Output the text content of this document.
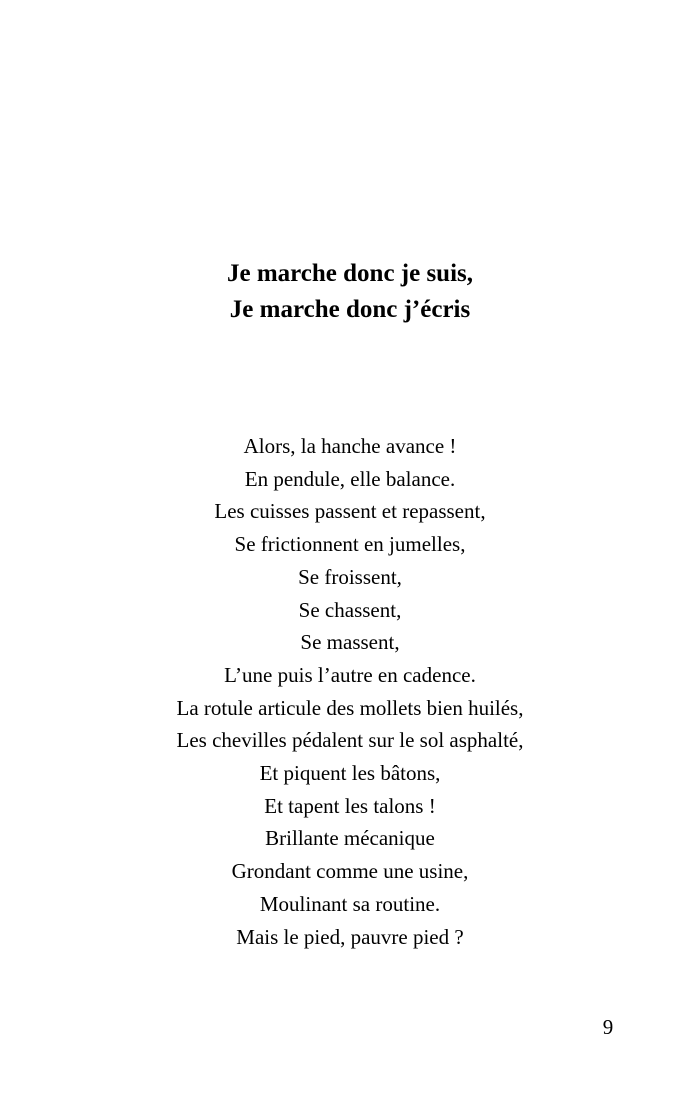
Je marche donc je suis,
Je marche donc j’écris
Alors, la hanche avance !
En pendule, elle balance.
Les cuisses passent et repassent,
Se frictionnent en jumelles,
Se froissent,
Se chassent,
Se massent,
L’une puis l’autre en cadence.
La rotule articule des mollets bien huilés,
Les chevilles pédalent sur le sol asphalté,
Et piquent les bâtons,
Et tapent les talons !
Brillante mécanique
Grondant comme une usine,
Moulinant sa routine.
Mais le pied, pauvre pied ?
9
